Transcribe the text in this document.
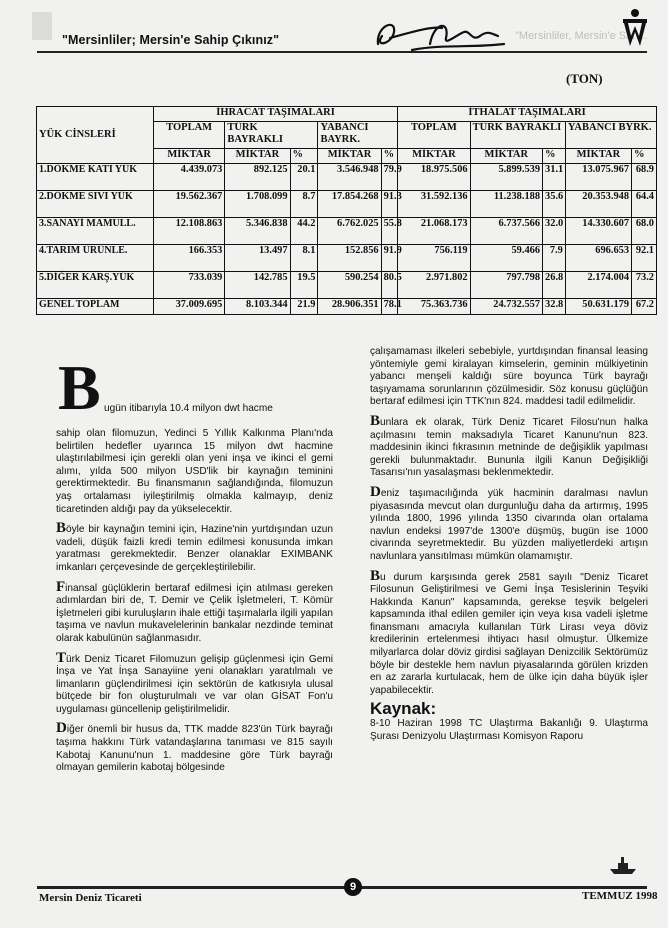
"Mersinliler; Mersin'e Sahip Çıkınız"	"Mersinliler, Mersin'e Sah...
(TON)
YÜK CİNSLERİ	İHRACAT TAŞIMALARI					İTHALAT TAŞIMALARI				
	TOPLAM	TÜRK BAYRAKLI		YABANCI BAYRK.		TOPLAM	TÜRK BAYRAKLI		YABANCI BYRK.	
	MİKTAR	MİKTAR	%	MİKTAR	%	MİKTAR	MİKTAR	%	MİKTAR	%
1.DÖKME KATI YÜK	4.439.073	892.125	20.1	3.546.948	79.9	18.975.506	5.899.539	31.1	13.075.967	68.9
2.DÖKME SIVI YÜK	19.562.367	1.708.099	8.7	17.854.268	91.3	31.592.136	11.238.188	35.6	20.353.948	64.4
3.SANAYİ MAMULL.	12.108.863	5.346.838	44.2	6.762.025	55.8	21.068.173	6.737.566	32.0	14.330.607	68.0
4.TARIM ÜRÜNLE.	166.353	13.497	8.1	152.856	91.9	756.119	59.466	7.9	696.653	92.1
5.DİĞER KARŞ.YÜK	733.039	142.785	19.5	590.254	80.5	2.971.802	797.798	26.8	2.174.004	73.2
GENEL TOPLAM	37.009.695	8.103.344	21.9	28.906.351	78.1	75.363.736	24.732.557	32.8	50.631.179	67.2
B ugün itibarıyla 10.4 milyon dwt hacme

sahip olan filomuzun, Yedinci 5 Yıllık Kalkınma Planı'nda belirtilen hedefler uyarınca 15 milyon dwt hacmine ulaştırılabilmesi için gerekli olan yeni inşa ve ikinci el gemi alımı, yılda 500 milyon USD'lik bir kaynağın teminini gerektirmektedir. Bu finansmanın sağlandığında, filomuzun yaş ortalaması iyileştirilmiş olmakla kalmayıp, deniz ticaretinden aldığı pay da yükselecektir.

Böyle bir kaynağın temini için, Hazine'nin yurtdışından uzun vadeli, düşük faizli kredi temin edilmesi konusunda imkan yaratması gerekmektedir. Benzer olanaklar EXIMBANK imkanları çerçevesinde de gerçekleştirilebilir.

Finansal güçlüklerin bertaraf edilmesi için atılması gereken adımlardan biri de, T. Demir ve Çelik İşletmeleri, T. Kömür İşletmeleri gibi kuruluşların ihale ettiği taşımalarla ilgili yapılan taşıma ve navlun mukavelelerinin bankalar nezdinde teminat olarak kabulünün sağlanmasıdır.

Türk Deniz Ticaret Filomuzun gelişip güçlenmesi için Gemi İnşa ve Yat İnşa Sanayiine yeni olanakları yaratılmalı ve limanların güçlendirilmesi için sektörün de katkısıyla ulusal bütçede bir fon oluşturulmalı ve var olan GİSAT Fon'u uygulaması güncellenip geliştirilmelidir.

Diğer önemli bir husus da, TTK madde 823'ün Türk bayrağı taşıma hakkını Türk vatandaşlarına tanıması ve 815 sayılı Kabotaj Kanunu'nun 1. maddesine göre Türk bayrağı olmayan gemilerin kabotaj bölgesinde

çalışamaması ilkeleri sebebiyle, yurtdışından finansal leasing yöntemiyle gemi kiralayan kimselerin, geminin mülkiyetinin yabancı menşeli kaldığı süre boyunca Türk bayrağı taşıyamama sorunlarının çözülmesidir. Söz konusu güçlüğün bertaraf edilmesi için TTK'nın 824. maddesi tadil edilmelidir.

Bunlara ek olarak, Türk Deniz Ticaret Filosu'nun halka açılmasını temin maksadıyla Ticaret Kanunu'nun 823. maddesinin ikinci fıkrasının metninde de değişiklik yapılması gerekli bulunmaktadır. Bununla ilgili Kanun Değişikliği Tasarısı'nın yasalaşması beklenmektedir.

Deniz taşımacılığında yük hacminin daralması navlun piyasasında mevcut olan durgunluğu daha da artırmış, 1995 yılında 1800, 1996 yılında 1350 civarında olan ortalama navlun endeksi 1997'de 1300'e düşmüş, bugün ise 1000 civarında seyretmektedir. Bu yüzden maliyetlerdeki artışın navlunlara yansıtılması mümkün olamamıştır.

Bu durum karşısında gerek 2581 sayılı "Deniz Ticaret Filosunun Geliştirilmesi ve Gemi İnşa Tesislerinin Teşviki Hakkında Kanun" kapsamında, gerekse teşvik belgeleri kapsamında ithal edilen gemiler için veya kısa vadeli işletme finansmanı amacıyla kullanılan Türk Lirası veya döviz kredilerinin ertelenmesi ihtiyacı hasıl olmuştur. Ülkemize milyarlarca dolar döviz girdisi sağlayan Denizcilik Sektörümüz böyle bir destekle hem navlun piyasalarında görülen krizden en az zararla kurtulacak, hem de ülke için daha büyük işler yapabilecektir.

Kaynak:

8-10 Haziran 1998 TC Ulaştırma Bakanlığı 9. Ulaştırma Şurası Denizyolu Ulaştırması Komisyon Raporu

9
Mersin Deniz Ticareti	TEMMUZ 1998
